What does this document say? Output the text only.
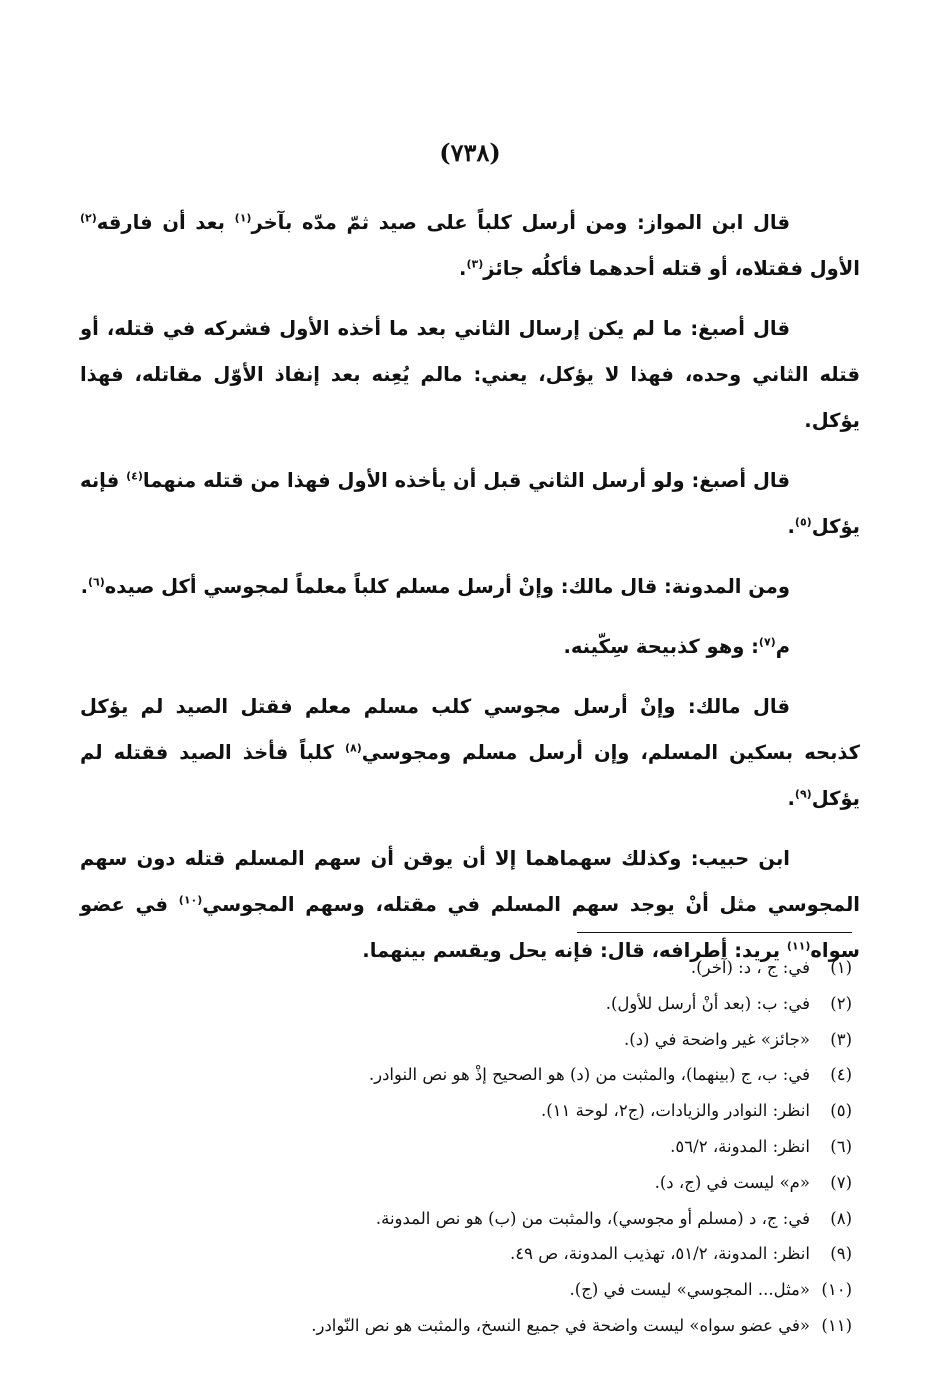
(٧٣٨)

قال ابن المواز: ومن أرسل كلباً على صيد ثمّ مدّه بآخر$^{(١)}$ بعد أن فارقه$^{(٢)}$ الأول فقتلاه، أو قتله أحدهما فأكلُه جائز$^{(٣)}$.

قال أصبغ: ما لم يكن إرسال الثاني بعد ما أخذه الأول فشركه في قتله، أو قتله الثاني وحده، فهذا لا يؤكل، يعني: مالم يُعِنه بعد إنفاذ الأوّل مقاتله، فهذا يؤكل.

قال أصبغ: ولو أرسل الثاني قبل أن يأخذه الأول فهذا من قتله منهما$^{(٤)}$ فإنه يؤكل$^{(٥)}$.

ومن المدونة: قال مالك: وإنْ أرسل مسلم كلباً معلماً لمجوسي أكل صيده$^{(٦)}$.

م$^{(٧)}$: وهو كذبيحة سِكّينه.

قال مالك: وإنْ أرسل مجوسي كلب مسلم معلم فقتل الصيد لم يؤكل كذبحه بسكين المسلم، وإن أرسل مسلم ومجوسي$^{(٨)}$ كلباً فأخذ الصيد فقتله لم يؤكل$^{(٩)}$.

ابن حبيب: وكذلك سهماهما إلا أن يوقن أن سهم المسلم قتله دون سهم المجوسي مثل أنْ يوجد سهم المسلم في مقتله، وسهم المجوسي$^{(١٠)}$ في عضو سواه$^{(١١)}$ يريد: أطرافه، قال: فإنه يحل ويقسم بينهما.

(١)
في: ج ، د: (آخر).
(٢)
في: ب: (بعد أنْ أرسل للأول).
(٣)
«جائز» غير واضحة في (د).
(٤)
في: ب، ج (بينهما)، والمثبت من (د) هو الصحيح إذْ هو نص النوادر.
(٥)
انظر: النوادر والزيادات، (ج٢، لوحة ١١).
(٦)
انظر: المدونة، ٥٦/٢.
(٧)
«م» ليست في (ج، د).
(٨)
في: ج، د (مسلم أو مجوسي)، والمثبت من (ب) هو نص المدونة.
(٩)
انظر: المدونة، ٥١/٢، تهذيب المدونة، ص ٤٩.
(١٠)
«مثل... المجوسي» ليست في (ج).
(١١)
«في عضو سواه» ليست واضحة في جميع النسخ، والمثبت هو نص النّوادر.
